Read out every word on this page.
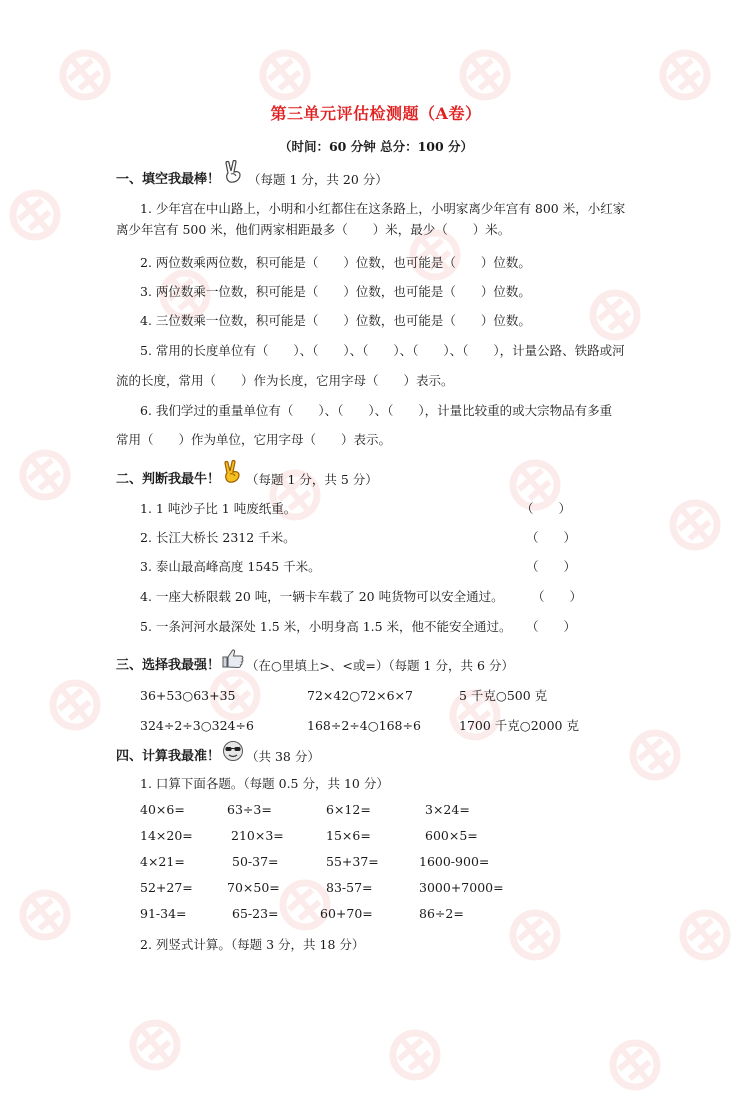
第三单元评估检测题（A卷）
（时间：60 分钟 总分：100 分）
一、填空我最棒！ （每题 1 分，共 20 分）
1. 少年宫在中山路上，小明和小红都住在这条路上，小明家离少年宫有 800 米，小红家
离少年宫有 500 米，他们两家相距最多（　　）米，最少（　　）米。
2. 两位数乘两位数，积可能是（　　）位数，也可能是（　　）位数。
3. 两位数乘一位数，积可能是（　　）位数，也可能是（　　）位数。
4. 三位数乘一位数，积可能是（　　）位数，也可能是（　　）位数。
5. 常用的长度单位有（　　）、（　　）、（　　）、（　　）、（　　），计量公路、铁路或河
流的长度，常用（　　）作为长度，它用字母（　　）表示。
6. 我们学过的重量单位有（　　）、（　　）、（　　），计量比较重的或大宗物品有多重
常用（　　）作为单位，它用字母（　　）表示。
二、判断我最牛！ （每题 1 分，共 5 分）
1. 1 吨沙子比 1 吨废纸重。	（　　）
2. 长江大桥长 2312 千米。	（　　）
3. 泰山最高峰高度 1545 千米。	（　　）
4. 一座大桥限载 20 吨，一辆卡车载了 20 吨货物可以安全通过。 （　　）
5. 一条河河水最深处 1.5 米，小明身高 1.5 米，他不能安全通过。 （　　）
三、选择我最强！ （在○里填上>、<或=）（每题 1 分，共 6 分）
36+53○63+35	72×42○72×6×7	5 千克○500 克
324÷2÷3○324÷6	168÷2÷4○168÷6	1700 千克○2000 克
四、计算我最准！ （共 38 分）
1. 口算下面各题。（每题 0.5 分，共 10 分）
40×6=	63÷3=	6×12=	3×24=
14×20=	210×3=	15×6=	600×5=
4×21=	50-37=	55+37=	1600-900=
52+27=	70×50=	83-57=	3000+7000=
91-34=	65-23=	60+70=	86÷2=
2. 列竖式计算。（每题 3 分，共 18 分）
